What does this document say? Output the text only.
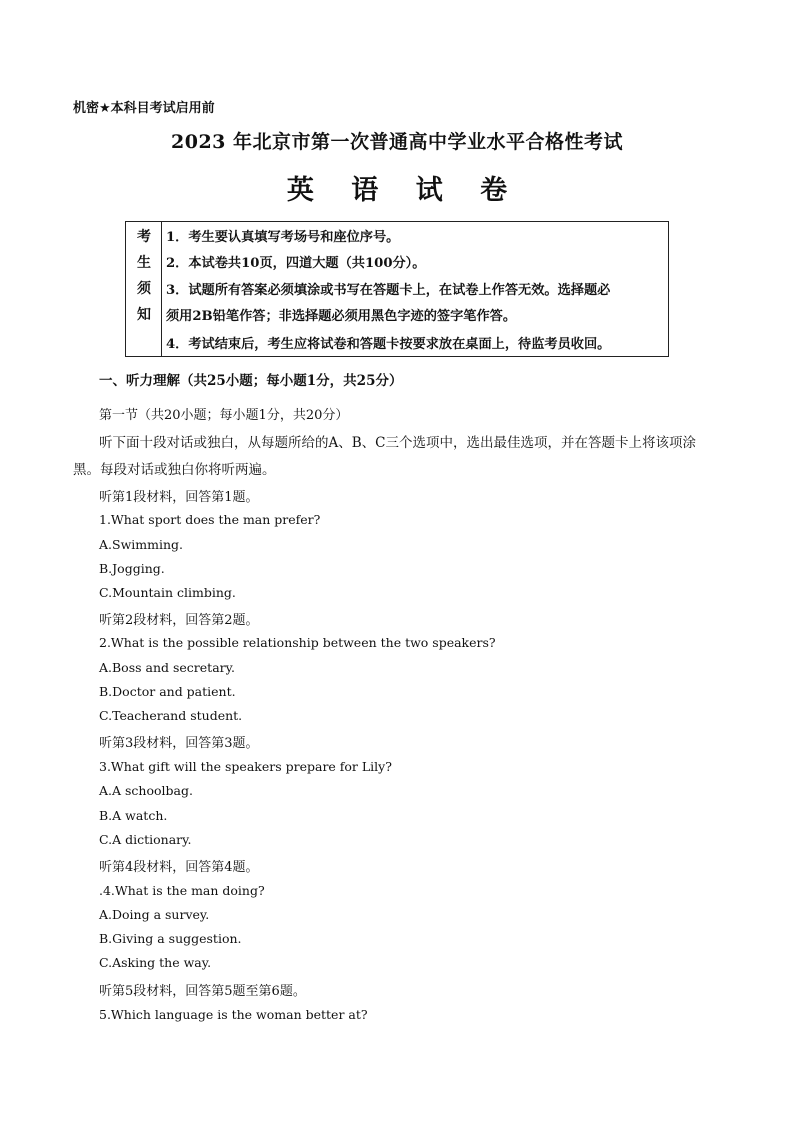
机密★本科目考试启用前
2023 年北京市第一次普通高中学业水平合格性考试
英 语 试 卷
考
生
须
知
1．考生要认真填写考场号和座位序号。
2．本试卷共10页，四道大题（共100分）。
3．试题所有答案必须填涂或书写在答题卡上，在试卷上作答无效。选择题必
须用2B铅笔作答；非选择题必须用黑色字迹的签字笔作答。
4．考试结束后，考生应将试卷和答题卡按要求放在桌面上，待监考员收回。
一、听力理解（共25小题；每小题1分，共25分）
第一节（共20小题；每小题1分，共20分）
听下面十段对话或独白，从每题所给的A、B、C三个选项中，选出最佳选项，并在答题卡上将该项涂
黑。每段对话或独白你将听两遍。
听第1段材料，回答第1题。
1.What sport does the man prefer?
A.Swimming.
B.Jogging.
C.Mountain climbing.
听第2段材料，回答第2题。
2.What is the possible relationship between the two speakers?
A.Boss and secretary.
B.Doctor and patient.
C.Teacherand student.
听第3段材料，回答第3题。
3.What gift will the speakers prepare for Lily?
A.A schoolbag.
B.A watch.
C.A dictionary.
听第4段材料，回答第4题。
.4.What is the man doing?
A.Doing a survey.
B.Giving a suggestion.
C.Asking the way.
听第5段材料，回答第5题至第6题。
5.Which language is the woman better at?
